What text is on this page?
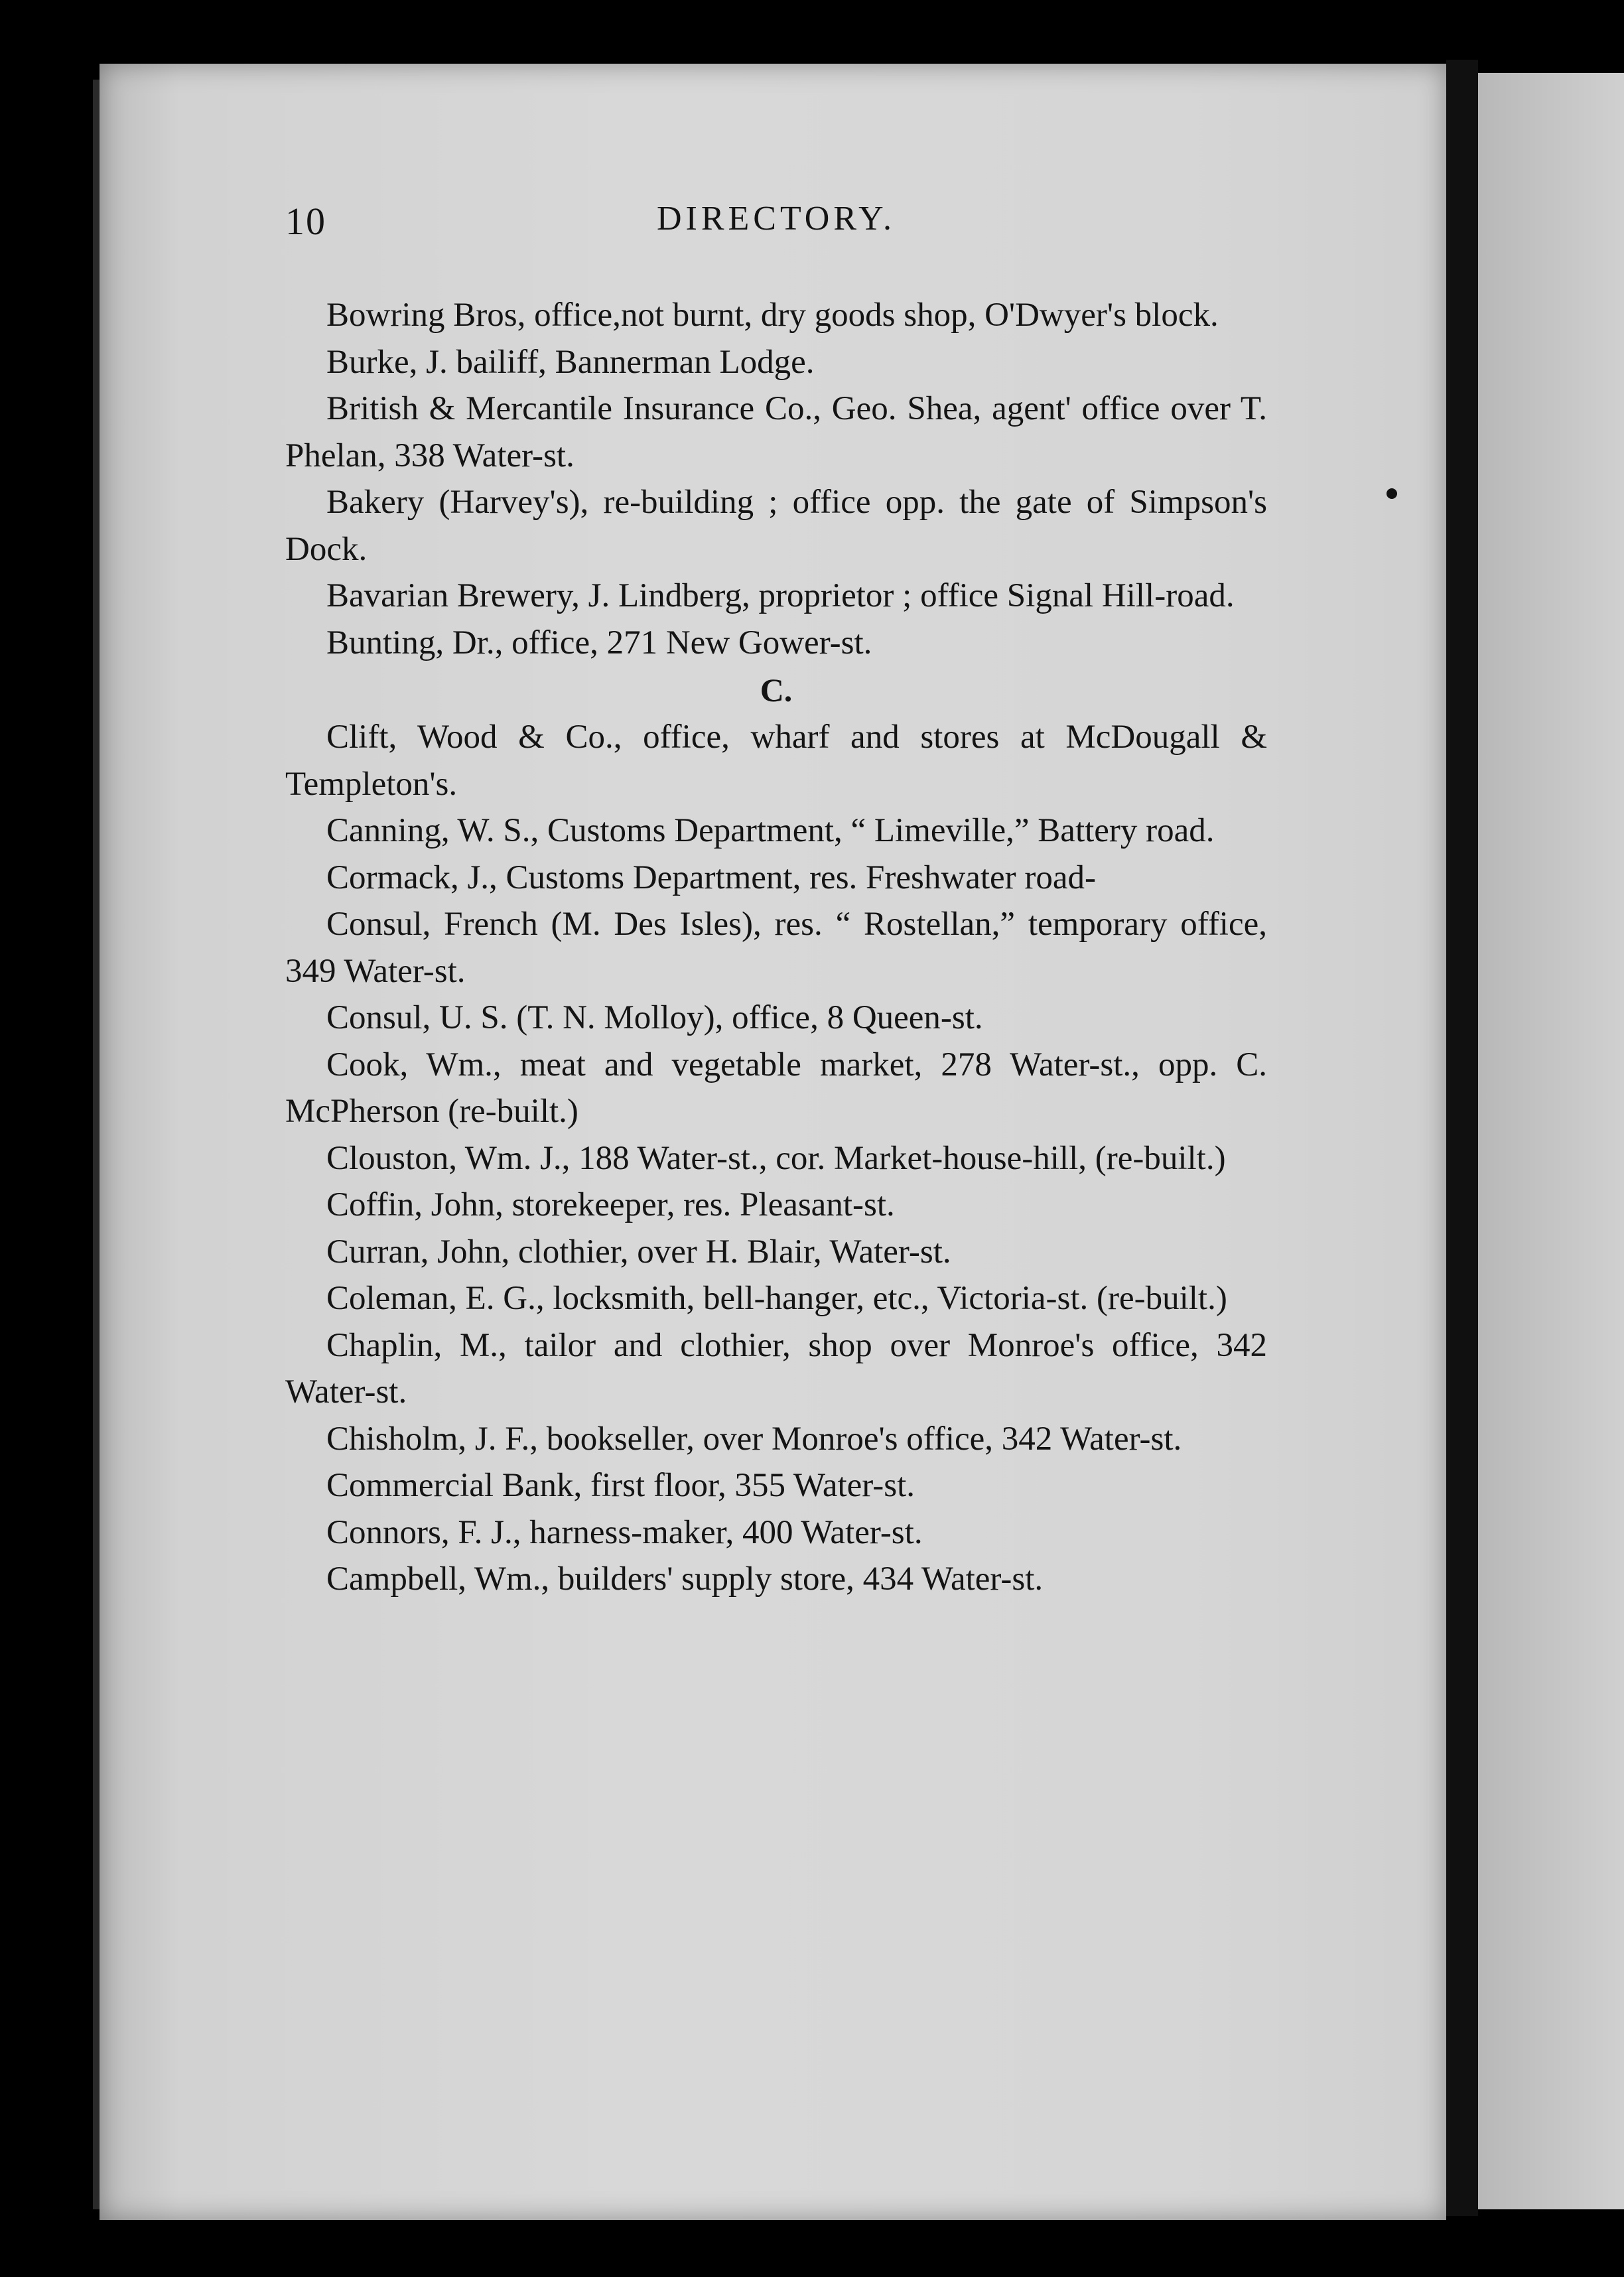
10	DIRECTORY.

Bowring Bros, office,not burnt, dry goods shop, O'Dwyer's block.

Burke, J. bailiff, Bannerman Lodge.

British & Mercantile Insurance Co., Geo. Shea, agent' office over T. Phelan, 338 Water-st.

Bakery (Harvey's), re-building ; office opp. the gate of Simpson's Dock.

Bavarian Brewery, J. Lindberg, proprietor ; office Signal Hill-road.

Bunting, Dr., office, 271 New Gower-st.

C.

Clift, Wood & Co., office, wharf and stores at McDougall & Templeton's.

Canning, W. S., Customs Department, “ Limeville,” Battery road.

Cormack, J., Customs Department, res. Freshwater road-

Consul, French (M. Des Isles), res. “ Rostellan,” temporary office, 349 Water-st.

Consul, U. S. (T. N. Molloy), office, 8 Queen-st.

Cook, Wm., meat and vegetable market, 278 Water-st., opp. C. McPherson (re-built.)

Clouston, Wm. J., 188 Water-st., cor. Market-house-hill, (re-built.)

Coffin, John, storekeeper, res. Pleasant-st.

Curran, John, clothier, over H. Blair, Water-st.

Coleman, E. G., locksmith, bell-hanger, etc., Victoria-st. (re-built.)

Chaplin, M., tailor and clothier, shop over Monroe's office, 342 Water-st.

Chisholm, J. F., bookseller, over Monroe's office, 342 Water-st.

Commercial Bank, first floor, 355 Water-st.

Connors, F. J., harness-maker, 400 Water-st.

Campbell, Wm., builders' supply store, 434 Water-st.
